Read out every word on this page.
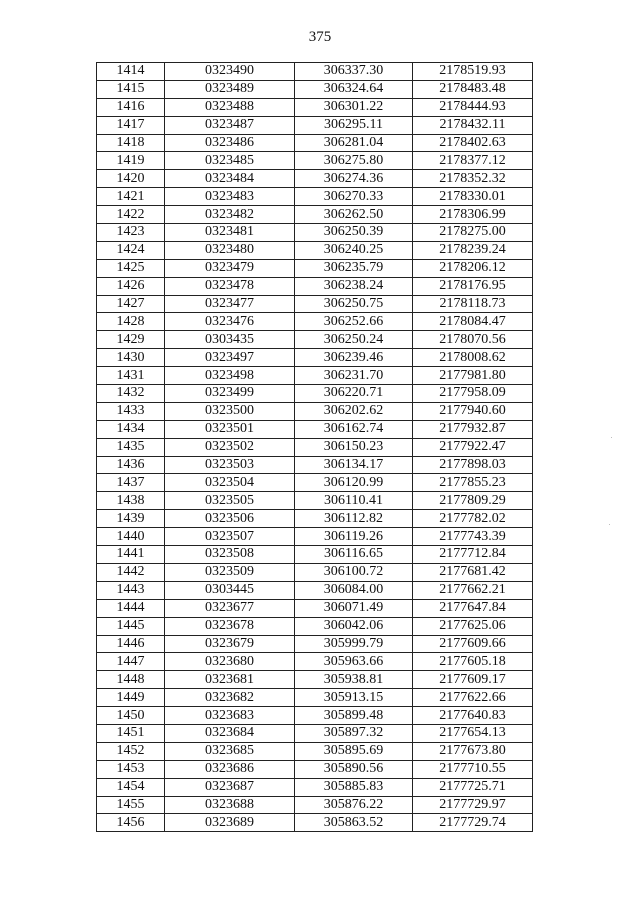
375
1414	0323490	306337.30	2178519.93
1415	0323489	306324.64	2178483.48
1416	0323488	306301.22	2178444.93
1417	0323487	306295.11	2178432.11
1418	0323486	306281.04	2178402.63
1419	0323485	306275.80	2178377.12
1420	0323484	306274.36	2178352.32
1421	0323483	306270.33	2178330.01
1422	0323482	306262.50	2178306.99
1423	0323481	306250.39	2178275.00
1424	0323480	306240.25	2178239.24
1425	0323479	306235.79	2178206.12
1426	0323478	306238.24	2178176.95
1427	0323477	306250.75	2178118.73
1428	0323476	306252.66	2178084.47
1429	0303435	306250.24	2178070.56
1430	0323497	306239.46	2178008.62
1431	0323498	306231.70	2177981.80
1432	0323499	306220.71	2177958.09
1433	0323500	306202.62	2177940.60
1434	0323501	306162.74	2177932.87
1435	0323502	306150.23	2177922.47
1436	0323503	306134.17	2177898.03
1437	0323504	306120.99	2177855.23
1438	0323505	306110.41	2177809.29
1439	0323506	306112.82	2177782.02
1440	0323507	306119.26	2177743.39
1441	0323508	306116.65	2177712.84
1442	0323509	306100.72	2177681.42
1443	0303445	306084.00	2177662.21
1444	0323677	306071.49	2177647.84
1445	0323678	306042.06	2177625.06
1446	0323679	305999.79	2177609.66
1447	0323680	305963.66	2177605.18
1448	0323681	305938.81	2177609.17
1449	0323682	305913.15	2177622.66
1450	0323683	305899.48	2177640.83
1451	0323684	305897.32	2177654.13
1452	0323685	305895.69	2177673.80
1453	0323686	305890.56	2177710.55
1454	0323687	305885.83	2177725.71
1455	0323688	305876.22	2177729.97
1456	0323689	305863.52	2177729.74
